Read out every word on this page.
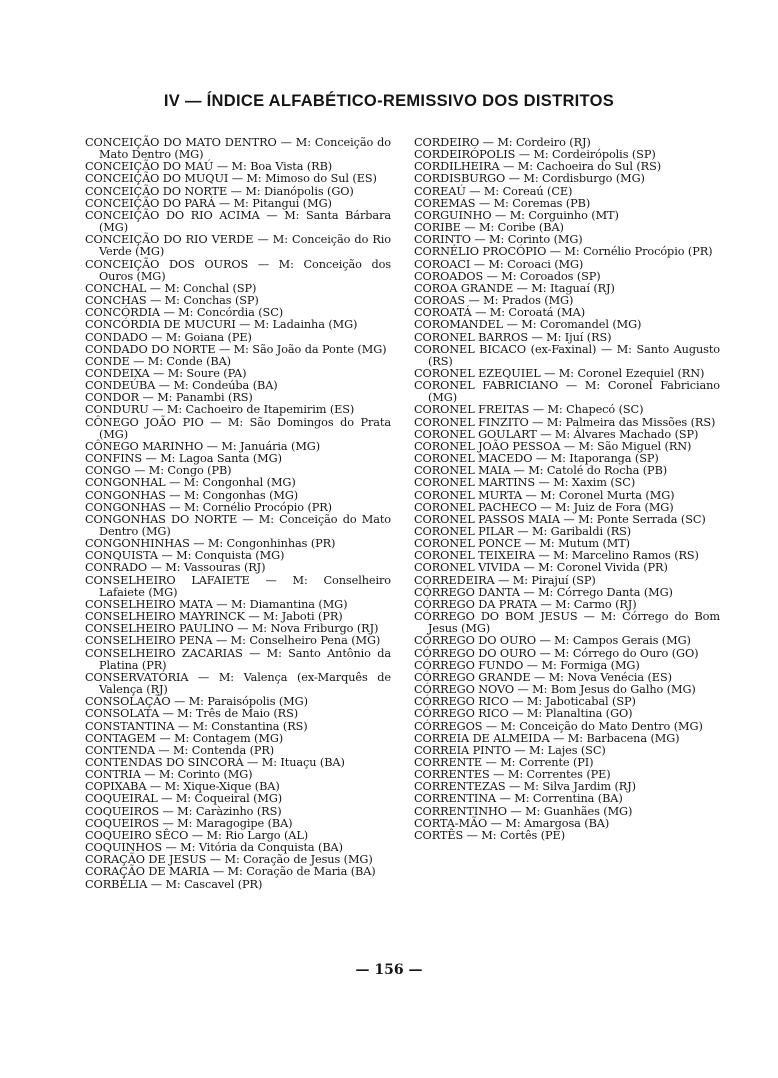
IV — ÍNDICE ALFABÉTICO-REMISSIVO DOS DISTRITOS
CONCEIÇÃO DO MATO DENTRO — M: Conceição do Mato Dentro (MG)
CONCEIÇÃO DO MAÚ — M: Boa Vista (RB)
CONCEIÇÃO DO MUQUI — M: Mimoso do Sul (ES)
CONCEIÇÃO DO NORTE — M: Dianópolis (GO)
CONCEIÇÃO DO PARÁ — M: Pitangui (MG)
CONCEIÇÃO DO RIO ACIMA — M: Santa Bárbara (MG)
CONCEIÇÃO DO RIO VERDE — M: Conceição do Rio Verde (MG)
CONCEIÇÃO DOS OUROS — M: Conceição dos Ouros (MG)
CONCHAL — M: Conchal (SP)
CONCHAS — M: Conchas (SP)
CONCÓRDIA — M: Concórdia (SC)
CONCÓRDIA DE MUCURI — M: Ladainha (MG)
CONDADO — M: Goiana (PE)
CONDADO DO NORTE — M: São João da Ponte (MG)
CONDE — M: Conde (BA)
CONDEIXA — M: Soure (PA)
CONDEÚBA — M: Condeúba (BA)
CONDOR — M: Panambi (RS)
CONDURU — M: Cachoeiro de Itapemirim (ES)
CÔNEGO JOÃO PIO — M: São Domingos do Prata (MG)
CÔNEGO MARINHO — M: Januária (MG)
CONFINS — M: Lagoa Santa (MG)
CONGO — M: Congo (PB)
CONGONHAL — M: Congonhal (MG)
CONGONHAS — M: Congonhas (MG)
CONGONHAS — M: Cornélio Procópio (PR)
CONGONHAS DO NORTE — M: Conceição do Mato Dentro (MG)
CONGONHINHAS — M: Congonhinhas (PR)
CONQUISTA — M: Conquista (MG)
CONRADO — M: Vassouras (RJ)
CONSELHEIRO LAFAIETE — M: Conselheiro Lafaiete (MG)
CONSELHEIRO MATA — M: Diamantina (MG)
CONSELHEIRO MAYRINCK — M: Jaboti (PR)
CONSELHEIRO PAULINO — M: Nova Friburgo (RJ)
CONSELHEIRO PENA — M: Conselheiro Pena (MG)
CONSELHEIRO ZACARIAS — M: Santo Antônio da Platina (PR)
CONSERVATÓRIA — M: Valença (ex-Marquês de Valença (RJ)
CONSOLAÇÃO — M: Paraisópolis (MG)
CONSOLATA — M: Três de Maio (RS)
CONSTANTINA — M: Constantina (RS)
CONTAGEM — M: Contagem (MG)
CONTENDA — M: Contenda (PR)
CONTENDAS DO SINCORÁ — M: Ituaçu (BA)
CONTRIA — M: Corinto (MG)
COPIXABA — M: Xique-Xique (BA)
COQUEIRAL — M: Coqueiral (MG)
COQUEIROS — M: Caràzinho (RS)
COQUEIROS — M: Maragogipe (BA)
COQUEIRO SÊCO — M: Rio Largo (AL)
COQUINHOS — M: Vitória da Conquista (BA)
CORAÇÃO DE JESUS — M: Coração de Jesus (MG)
CORAÇÃO DE MARIA — M: Coração de Maria (BA)
CORBÉLIA — M: Cascavel (PR)
CORDEIRO — M: Cordeiro (RJ)
CORDEIRÓPOLIS — M: Cordeirópolis (SP)
CORDILHEIRA — M: Cachoeira do Sul (RS)
CORDISBURGO — M: Cordisburgo (MG)
COREAÚ — M: Coreaú (CE)
COREMAS — M: Coremas (PB)
CORGUINHO — M: Corguinho (MT)
CORIBE — M: Coribe (BA)
CORINTO — M: Corinto (MG)
CORNÉLIO PROCÓPIO — M: Cornélio Procópio (PR)
COROACI — M: Coroaci (MG)
COROADOS — M: Coroados (SP)
COROA GRANDE — M: Itaguaí (RJ)
COROAS — M: Prados (MG)
COROATÁ — M: Coroatá (MA)
COROMANDEL — M: Coromandel (MG)
CORONEL BARROS — M: Ijuí (RS)
CORONEL BICACO (ex-Faxinal) — M: Santo Augusto (RS)
CORONEL EZEQUIEL — M: Coronel Ezequiel (RN)
CORONEL FABRICIANO — M: Coronel Fabriciano (MG)
CORONEL FREITAS — M: Chapecó (SC)
CORONEL FINZITO — M: Palmeira das Missões (RS)
CORONEL GOULART — M: Álvares Machado (SP)
CORONEL JOÃO PESSOA — M: São Miguel (RN)
CORONEL MACEDO — M: Itaporanga (SP)
CORONEL MAIA — M: Catolé do Rocha (PB)
CORONEL MARTINS — M: Xaxim (SC)
CORONEL MURTA — M: Coronel Murta (MG)
CORONEL PACHECO — M: Juiz de Fora (MG)
CORONEL PASSOS MAIA — M: Ponte Serrada (SC)
CORONEL PILAR — M: Garibaldi (RS)
CORONEL PONCE — M: Mutum (MT)
CORONEL TEIXEIRA — M: Marcelino Ramos (RS)
CORONEL VIVIDA — M: Coronel Vivida (PR)
CORREDEIRA — M: Pirajuí (SP)
CÓRREGO DANTA — M: Córrego Danta (MG)
CÓRREGO DA PRATA — M: Carmo (RJ)
CÓRREGO DO BOM JESUS — M: Córrego do Bom Jesus (MG)
CÓRREGO DO OURO — M: Campos Gerais (MG)
CÓRREGO DO OURO — M: Córrego do Ouro (GO)
CÓRREGO FUNDO — M: Formiga (MG)
CÓRREGO GRANDE — M: Nova Venécia (ES)
CÓRREGO NOVO — M: Bom Jesus do Galho (MG)
CÓRREGO RICO — M: Jaboticabal (SP)
CÓRREGO RICO — M: Planaltina (GO)
CÓRREGOS — M: Conceição do Mato Dentro (MG)
CORREIA DE ALMEIDA — M: Barbacena (MG)
CORREIA PINTO — M: Lajes (SC)
CORRENTE — M: Corrente (PI)
CORRENTES — M: Correntes (PE)
CORRENTEZAS — M: Silva Jardim (RJ)
CORRENTINA — M: Correntina (BA)
CORRENTINHO — M: Guanhães (MG)
CORTA-MÃO — M: Amargosa (BA)
CORTÊS — M: Cortês (PE)
— 156 —
